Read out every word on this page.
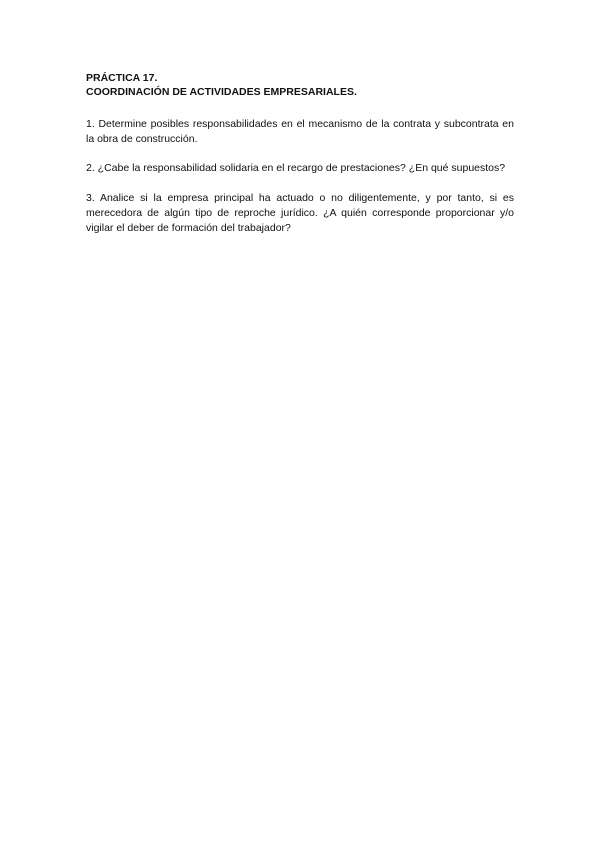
PRÁCTICA 17.

COORDINACIÓN DE ACTIVIDADES EMPRESARIALES.

1. Determine posibles responsabilidades en el mecanismo de la contrata y subcontrata en la obra de construcción.

2. ¿Cabe la responsabilidad solidaria en el recargo de prestaciones? ¿En qué supuestos?

3. Analice si la empresa principal ha actuado o no diligentemente, y por tanto, si es merecedora de algún tipo de reproche jurídico. ¿A quién corresponde proporcionar y/o vigilar el deber de formación del trabajador?
